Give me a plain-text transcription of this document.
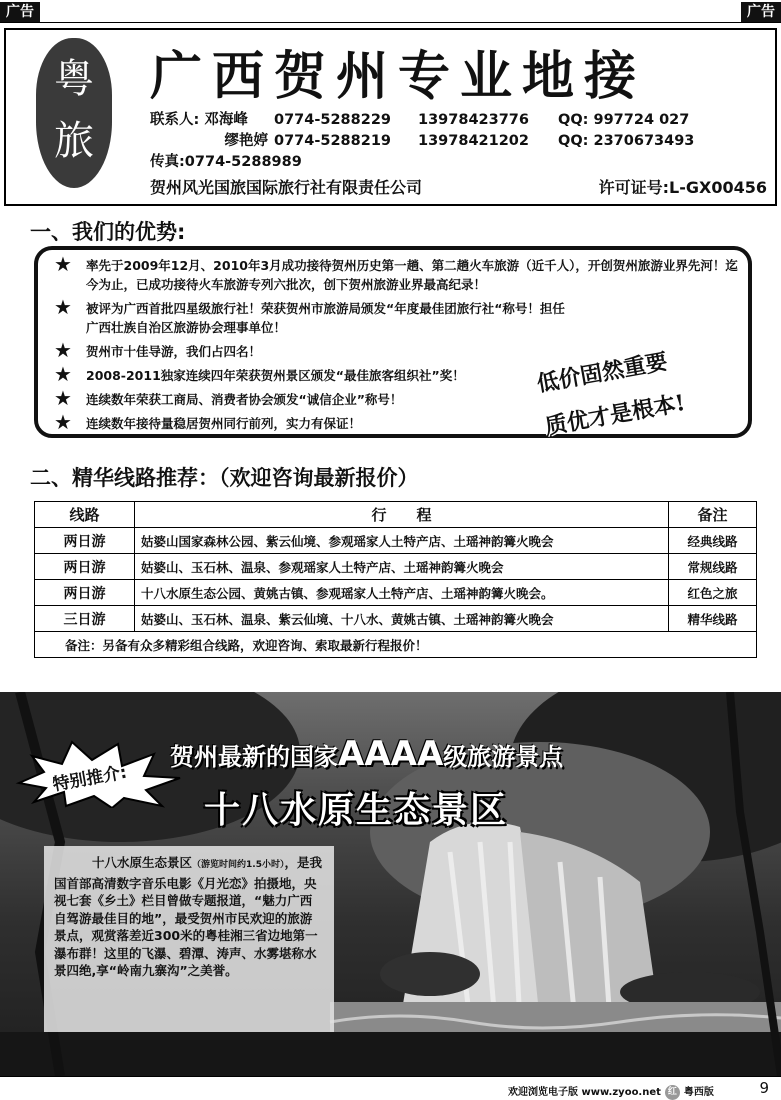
广告	广告
粤旅
广西贺州专业地接
联系人: 邓海峰 0774-5288229 13978423776 QQ: 997724 027
缪艳婷 0774-5288219 13978421202 QQ: 2370673493
传真:0774-5288989
贺州风光国旅国际旅行社有限责任公司	许可证号:L-GX00456
一、我们的优势:
★ 率先于2009年12月、2010年3月成功接待贺州历史第一趟、第二趟火车旅游（近千人），开创贺州旅游业界先河！迄今为止，已成功接待火车旅游专列六批次，创下贺州旅游业界最高纪录！
★ 被评为广西首批四星级旅行社！荣获贺州市旅游局颁发“年度最佳团旅行社“称号！担任广西壮族自治区旅游协会理事单位！
★ 贺州市十佳导游，我们占四名！
★ 2008-2011独家连续四年荣获贺州景区颁发“最佳旅客组织社”奖！
★ 连续数年荣获工商局、消费者协会颁发“诚信企业”称号！
★ 连续数年接待量稳居贺州同行前列，实力有保证！
低价固然重要
质优才是根本!
二、精华线路推荐：（欢迎咨询最新报价）
线路	行　　程	备注
两日游	姑婆山国家森林公园、紫云仙境、参观瑶家人土特产店、土瑶神韵篝火晚会	经典线路
两日游	姑婆山、玉石林、温泉、参观瑶家人土特产店、土瑶神韵篝火晚会	常规线路
两日游	十八水原生态公园、黄姚古镇、参观瑶家人土特产店、土瑶神韵篝火晚会。	红色之旅
三日游	姑婆山、玉石林、温泉、紫云仙境、十八水、黄姚古镇、土瑶神韵篝火晚会	精华线路
备注：另备有众多精彩组合线路，欢迎咨询、索取最新行程报价！		
特别推介:
贺州最新的国家AAAA级旅游景点
十八水原生态景区
十八水原生态景区（游览时间约1.5小时），是我国首部高清数字音乐电影《月光恋》拍摄地，央视七套《乡土》栏目曾做专题报道，“魅力广西自驾游最佳目的地”，最受贺州市民欢迎的旅游景点，观赏落差近300米的粤桂湘三省边地第一瀑布群！这里的飞瀑、碧潭、涛声、水雾堪称水景四绝,享“岭南九寨沟”之美誉。
欢迎浏览电子版 www.zyoo.net 红 粤西版	9
